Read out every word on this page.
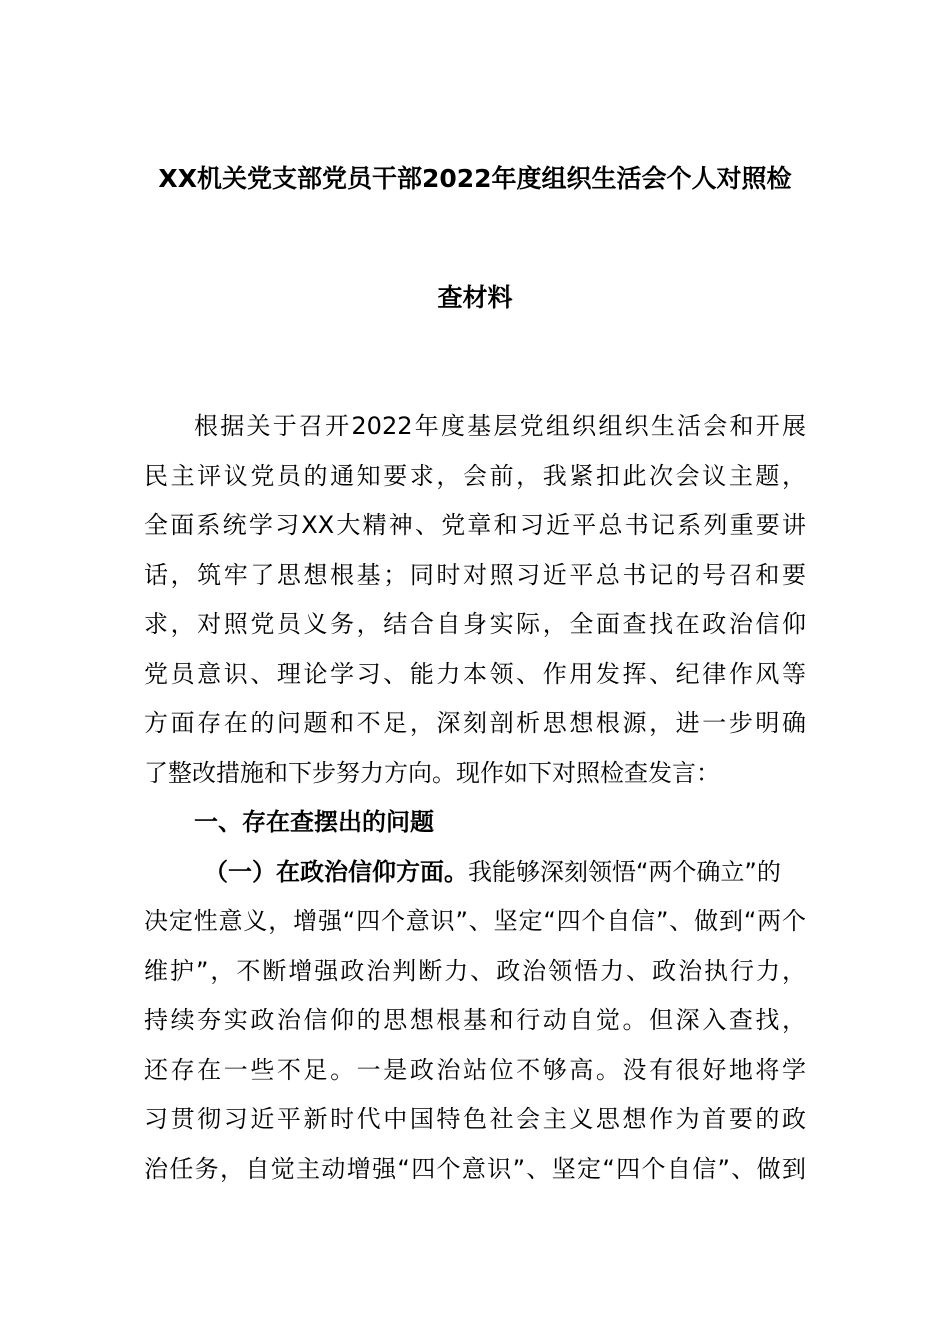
XX机关党支部党员干部2022年度组织生活会个人对照检
查材料
根据关于召开2022年度基层党组织组织生活会和开展
民主评议党员的通知要求，会前，我紧扣此次会议主题，
全面系统学习XX大精神、党章和习近平总书记系列重要讲
话，筑牢了思想根基；同时对照习近平总书记的号召和要
求，对照党员义务，结合自身实际，全面查找在政治信仰
党员意识、理论学习、能力本领、作用发挥、纪律作风等
方面存在的问题和不足，深刻剖析思想根源，进一步明确
了整改措施和下步努力方向。现作如下对照检查发言：
一、存在查摆出的问题
（一）在政治信仰方面。我能够深刻领悟“两个确立”的
决定性意义，增强“四个意识”、坚定“四个自信”、做到“两个
维护”，不断增强政治判断力、政治领悟力、政治执行力，
持续夯实政治信仰的思想根基和行动自觉。但深入查找，
还存在一些不足。一是政治站位不够高。没有很好地将学
习贯彻习近平新时代中国特色社会主义思想作为首要的政
治任务，自觉主动增强“四个意识”、坚定“四个自信”、做到
